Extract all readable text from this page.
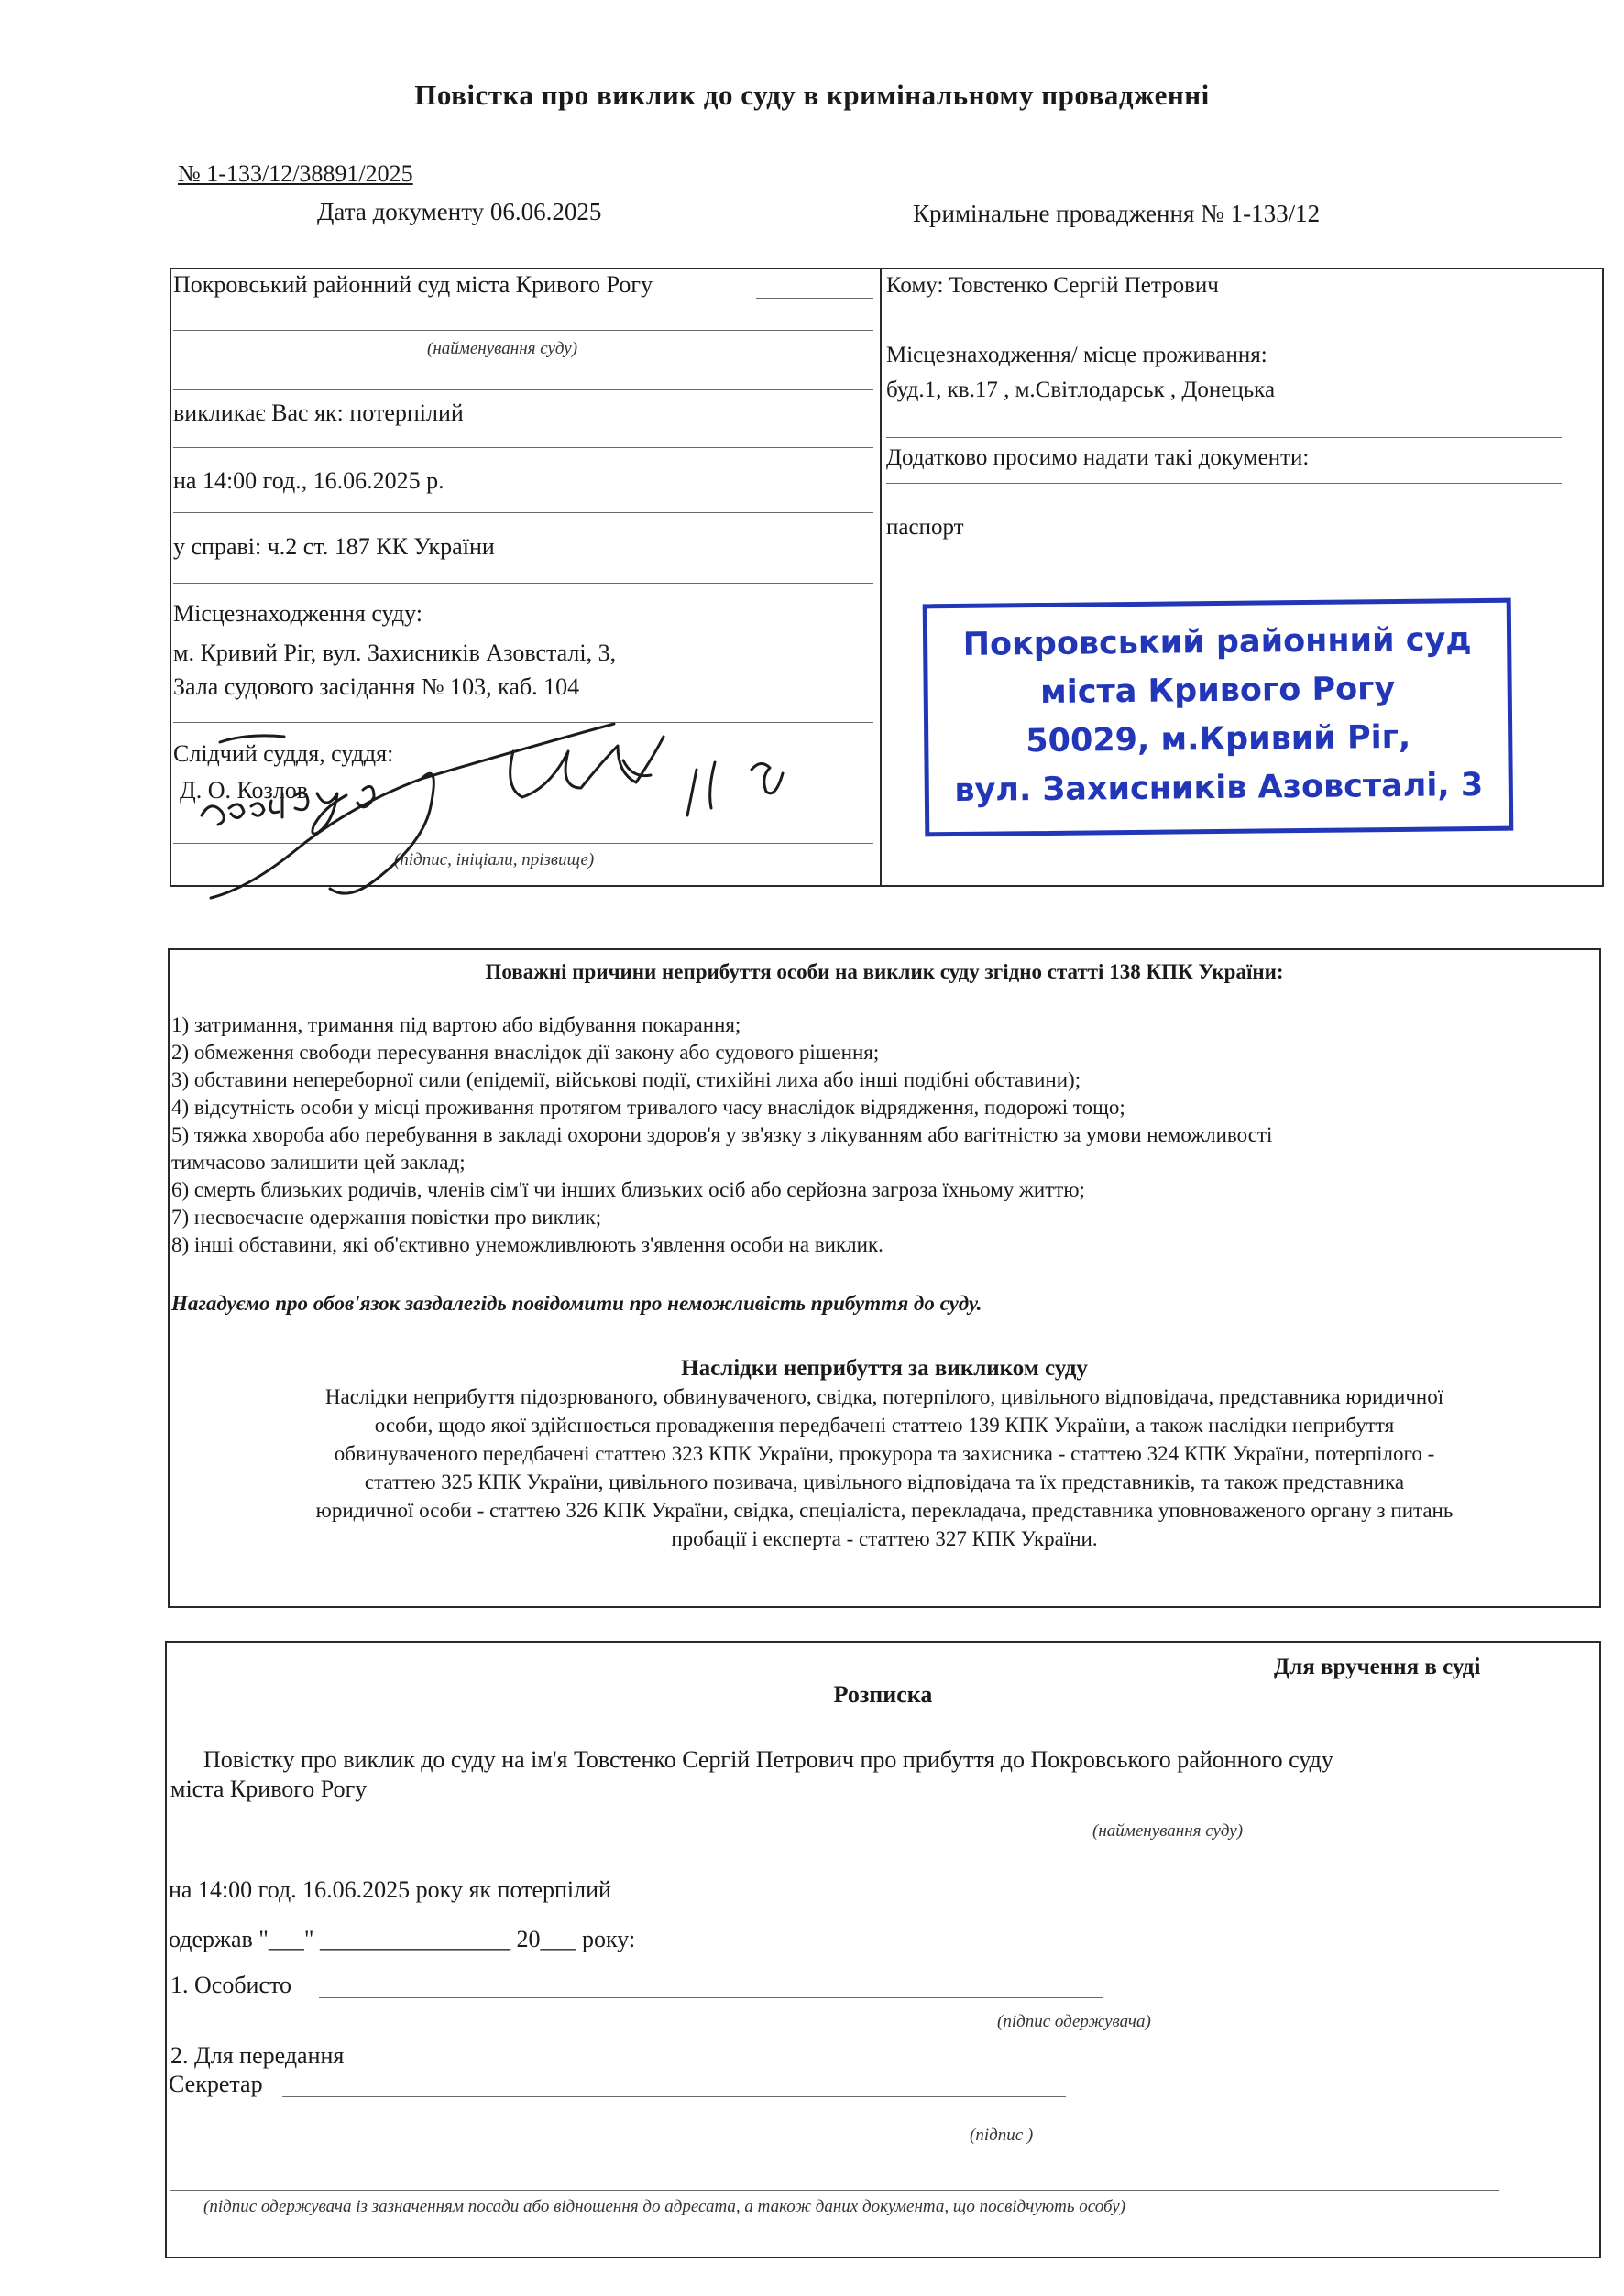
Повістка про виклик до суду в кримінальному провадженні
№ 1-133/12/38891/2025
Дата документу 06.06.2025	Кримінальне провадження № 1-133/12
Покровський районний суд міста Кривого Рогу
(найменування суду)
викликає Вас як: потерпілий
на 14:00 год., 16.06.2025 р.
у справі: ч.2 ст. 187 КК України
Місцезнаходження суду:
м. Кривий Ріг, вул. Захисників Азовсталі, 3,
Зала судового засідання № 103, каб. 104
Слідчий суддя, суддя:
Д. О. Козлов
(підпис, ініціали, прізвище)
Кому: Товстенко Сергій Петрович
Місцезнаходження/ місце проживання:
буд.1, кв.17 , м.Світлодарськ , Донецька
Додатково просимо надати такі документи:
паспорт
Покровський районний суд
міста Кривого Рогу
50029, м.Кривий Ріг,
вул. Захисників Азовсталі, 3
Поважні причини неприбуття особи на виклик суду згідно статті 138 КПК України:
1) затримання, тримання під вартою або відбування покарання;
2) обмеження свободи пересування внаслідок дії закону або судового рішення;
3) обставини непереборної сили (епідемії, військові події, стихійні лиха або інші подібні обставини);
4) відсутність особи у місці проживання протягом тривалого часу внаслідок відрядження, подорожі тощо;
5) тяжка хвороба або перебування в закладі охорони здоров'я у зв'язку з лікуванням або вагітністю за умови неможливості
тимчасово залишити цей заклад;
6) смерть близьких родичів, членів сім'ї чи інших близьких осіб або серйозна загроза їхньому життю;
7) несвоєчасне одержання повістки про виклик;
8) інші обставини, які об'єктивно унеможливлюють з'явлення особи на виклик.
Нагадуємо про обов'язок заздалегідь повідомити про неможливість прибуття до суду.
Наслідки неприбуття за викликом суду
Наслідки неприбуття підозрюваного, обвинуваченого, свідка, потерпілого, цивільного відповідача, представника юридичної
особи, щодо якої здійснюється провадження передбачені статтею 139 КПК України, а також наслідки неприбуття
обвинуваченого передбачені статтею 323 КПК України, прокурора та захисника - статтею 324 КПК України, потерпілого -
статтею 325 КПК України, цивільного позивача, цивільного відповідача та їх представників, та також представника
юридичної особи - статтею 326 КПК України, свідка, спеціаліста, перекладача, представника уповноваженого органу з питань
пробації і експерта - статтею 327 КПК України.
Для вручення в суді
Розписка
Повістку про виклик до суду на ім'я Товстенко Сергій Петрович про прибуття до Покровського районного суду
міста Кривого Рогу
(найменування суду)
на 14:00 год. 16.06.2025 року як потерпілий
одержав "___" ________________ 20___ року:
1. Особисто
(підпис одержувача)
2. Для передання
Секретар
(підпис )
(підпис одержувача із зазначенням посади або відношення до адресата, а також даних документа, що посвідчують особу)
